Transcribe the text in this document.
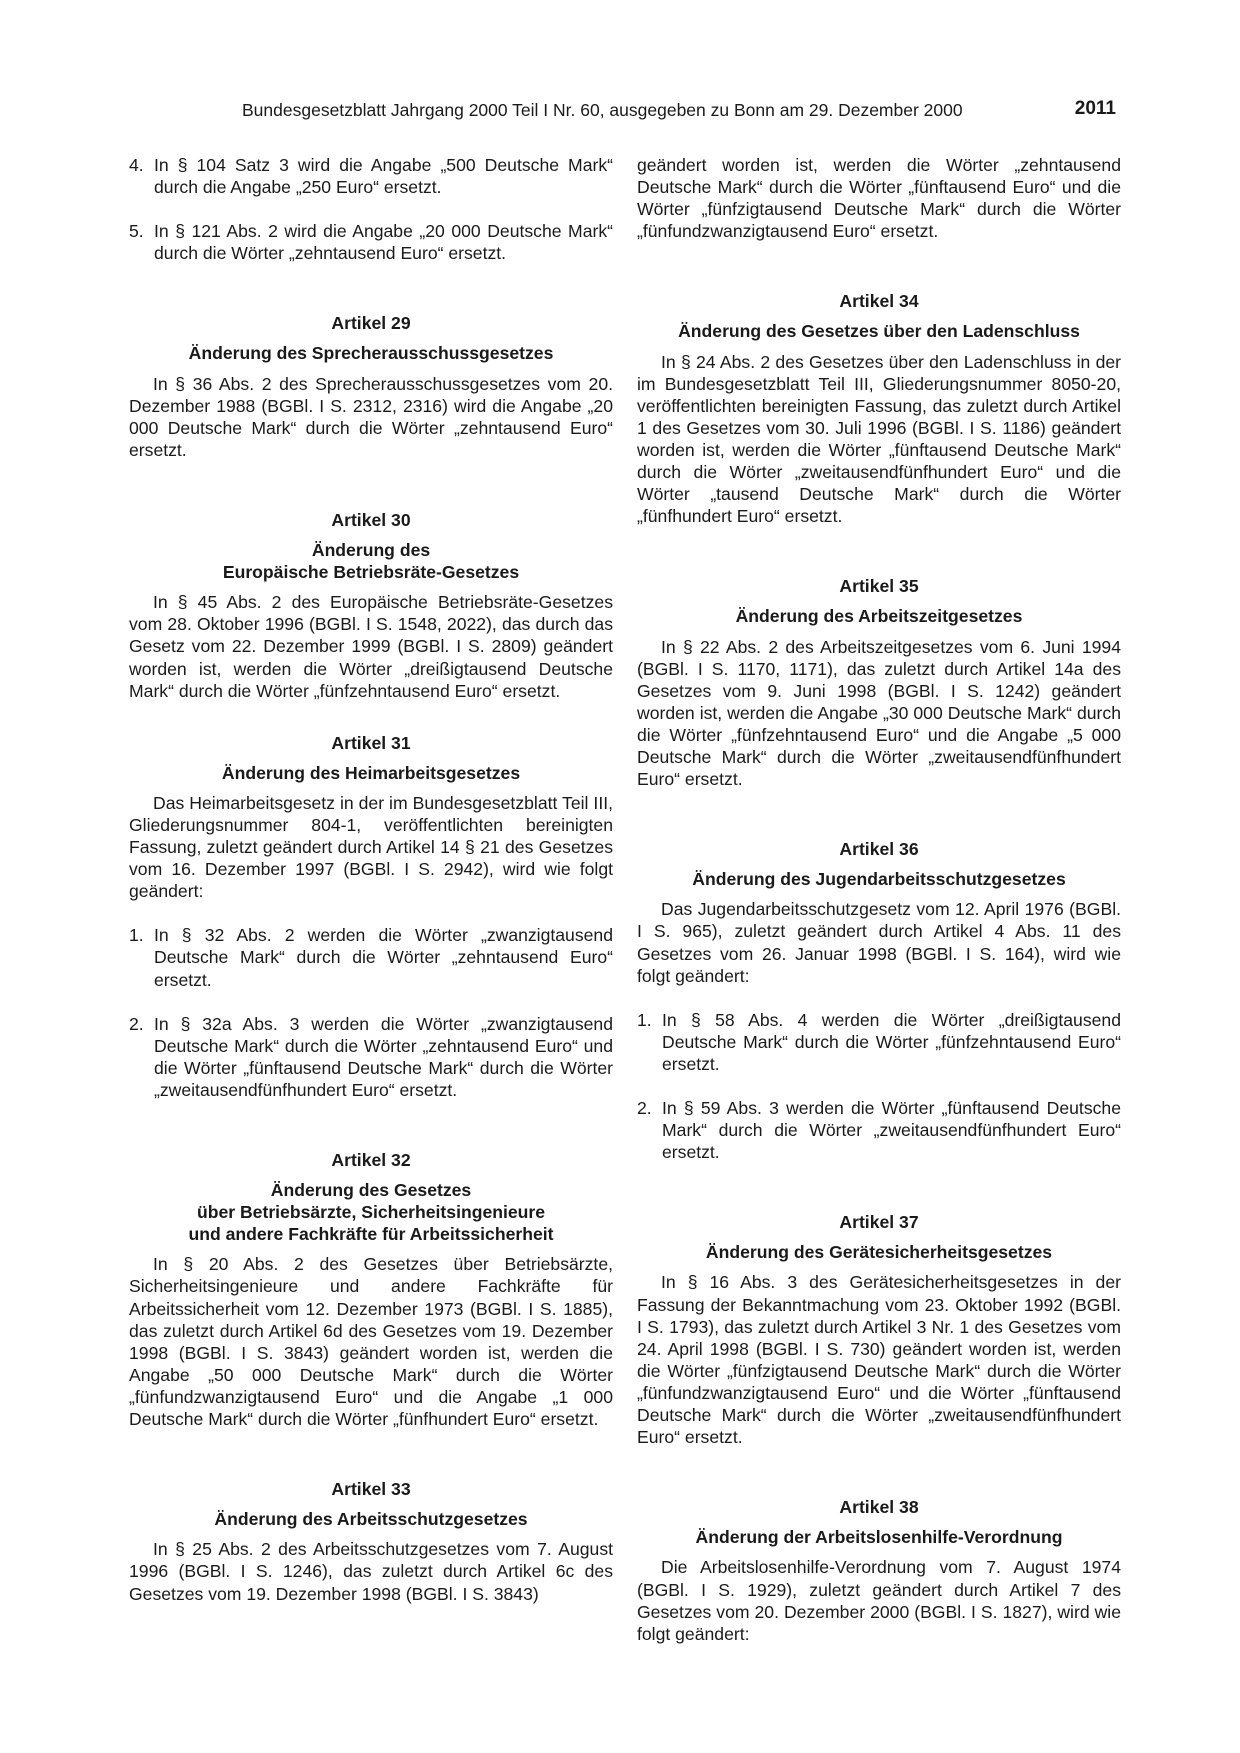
Bundesgesetzblatt Jahrgang 2000 Teil I Nr. 60, ausgegeben zu Bonn am 29. Dezember 2000	2011
4. In § 104 Satz 3 wird die Angabe „500 Deutsche Mark“ durch die Angabe „250 Euro“ ersetzt.
5. In § 121 Abs. 2 wird die Angabe „20 000 Deutsche Mark“ durch die Wörter „zehntausend Euro“ ersetzt.
Artikel 29
Änderung des Sprecherausschussgesetzes

In § 36 Abs. 2 des Sprecherausschussgesetzes vom 20. Dezember 1988 (BGBl. I S. 2312, 2316) wird die Angabe „20 000 Deutsche Mark“ durch die Wörter „zehntausend Euro“ ersetzt.

Artikel 30
Änderung des
Europäische Betriebsräte-Gesetzes

In § 45 Abs. 2 des Europäische Betriebsräte-Gesetzes vom 28. Oktober 1996 (BGBl. I S. 1548, 2022), das durch das Gesetz vom 22. Dezember 1999 (BGBl. I S. 2809) geändert worden ist, werden die Wörter „dreißigtausend Deutsche Mark“ durch die Wörter „fünfzehntausend Euro“ ersetzt.

Artikel 31
Änderung des Heimarbeitsgesetzes

Das Heimarbeitsgesetz in der im Bundesgesetzblatt Teil III, Gliederungsnummer 804-1, veröffentlichten bereinigten Fassung, zuletzt geändert durch Artikel 14 § 21 des Gesetzes vom 16. Dezember 1997 (BGBl. I S. 2942), wird wie folgt geändert:

1. In § 32 Abs. 2 werden die Wörter „zwanzigtausend Deutsche Mark“ durch die Wörter „zehntausend Euro“ ersetzt.
2. In § 32a Abs. 3 werden die Wörter „zwanzigtausend Deutsche Mark“ durch die Wörter „zehntausend Euro“ und die Wörter „fünftausend Deutsche Mark“ durch die Wörter „zweitausendfünfhundert Euro“ ersetzt.
Artikel 32
Änderung des Gesetzes
über Betriebsärzte, Sicherheitsingenieure
und andere Fachkräfte für Arbeitssicherheit

In § 20 Abs. 2 des Gesetzes über Betriebsärzte, Sicherheitsingenieure und andere Fachkräfte für Arbeitssicherheit vom 12. Dezember 1973 (BGBl. I S. 1885), das zuletzt durch Artikel 6d des Gesetzes vom 19. Dezember 1998 (BGBl. I S. 3843) geändert worden ist, werden die Angabe „50 000 Deutsche Mark“ durch die Wörter „fünfundzwanzigtausend Euro“ und die Angabe „1 000 Deutsche Mark“ durch die Wörter „fünfhundert Euro“ ersetzt.

Artikel 33
Änderung des Arbeitsschutzgesetzes

In § 25 Abs. 2 des Arbeitsschutzgesetzes vom 7. August 1996 (BGBl. I S. 1246), das zuletzt durch Artikel 6c des Gesetzes vom 19. Dezember 1998 (BGBl. I S. 3843)

geändert worden ist, werden die Wörter „zehntausend Deutsche Mark“ durch die Wörter „fünftausend Euro“ und die Wörter „fünfzigtausend Deutsche Mark“ durch die Wörter „fünfundzwanzigtausend Euro“ ersetzt.

Artikel 34
Änderung des Gesetzes über den Ladenschluss

In § 24 Abs. 2 des Gesetzes über den Ladenschluss in der im Bundesgesetzblatt Teil III, Gliederungsnummer 8050-20, veröffentlichten bereinigten Fassung, das zuletzt durch Artikel 1 des Gesetzes vom 30. Juli 1996 (BGBl. I S. 1186) geändert worden ist, werden die Wörter „fünftausend Deutsche Mark“ durch die Wörter „zweitausendfünfhundert Euro“ und die Wörter „tausend Deutsche Mark“ durch die Wörter „fünfhundert Euro“ ersetzt.

Artikel 35
Änderung des Arbeitszeitgesetzes

In § 22 Abs. 2 des Arbeitszeitgesetzes vom 6. Juni 1994 (BGBl. I S. 1170, 1171), das zuletzt durch Artikel 14a des Gesetzes vom 9. Juni 1998 (BGBl. I S. 1242) geändert worden ist, werden die Angabe „30 000 Deutsche Mark“ durch die Wörter „fünfzehntausend Euro“ und die Angabe „5 000 Deutsche Mark“ durch die Wörter „zweitausendfünfhundert Euro“ ersetzt.

Artikel 36
Änderung des Jugendarbeitsschutzgesetzes

Das Jugendarbeitsschutzgesetz vom 12. April 1976 (BGBl. I S. 965), zuletzt geändert durch Artikel 4 Abs. 11 des Gesetzes vom 26. Januar 1998 (BGBl. I S. 164), wird wie folgt geändert:

1. In § 58 Abs. 4 werden die Wörter „dreißigtausend Deutsche Mark“ durch die Wörter „fünfzehntausend Euro“ ersetzt.
2. In § 59 Abs. 3 werden die Wörter „fünftausend Deutsche Mark“ durch die Wörter „zweitausendfünfhundert Euro“ ersetzt.
Artikel 37
Änderung des Gerätesicherheitsgesetzes

In § 16 Abs. 3 des Gerätesicherheitsgesetzes in der Fassung der Bekanntmachung vom 23. Oktober 1992 (BGBl. I S. 1793), das zuletzt durch Artikel 3 Nr. 1 des Gesetzes vom 24. April 1998 (BGBl. I S. 730) geändert worden ist, werden die Wörter „fünfzigtausend Deutsche Mark“ durch die Wörter „fünfundzwanzigtausend Euro“ und die Wörter „fünftausend Deutsche Mark“ durch die Wörter „zweitausendfünfhundert Euro“ ersetzt.

Artikel 38
Änderung der Arbeitslosenhilfe-Verordnung

Die Arbeitslosenhilfe-Verordnung vom 7. August 1974 (BGBl. I S. 1929), zuletzt geändert durch Artikel 7 des Gesetzes vom 20. Dezember 2000 (BGBl. I S. 1827), wird wie folgt geändert:
